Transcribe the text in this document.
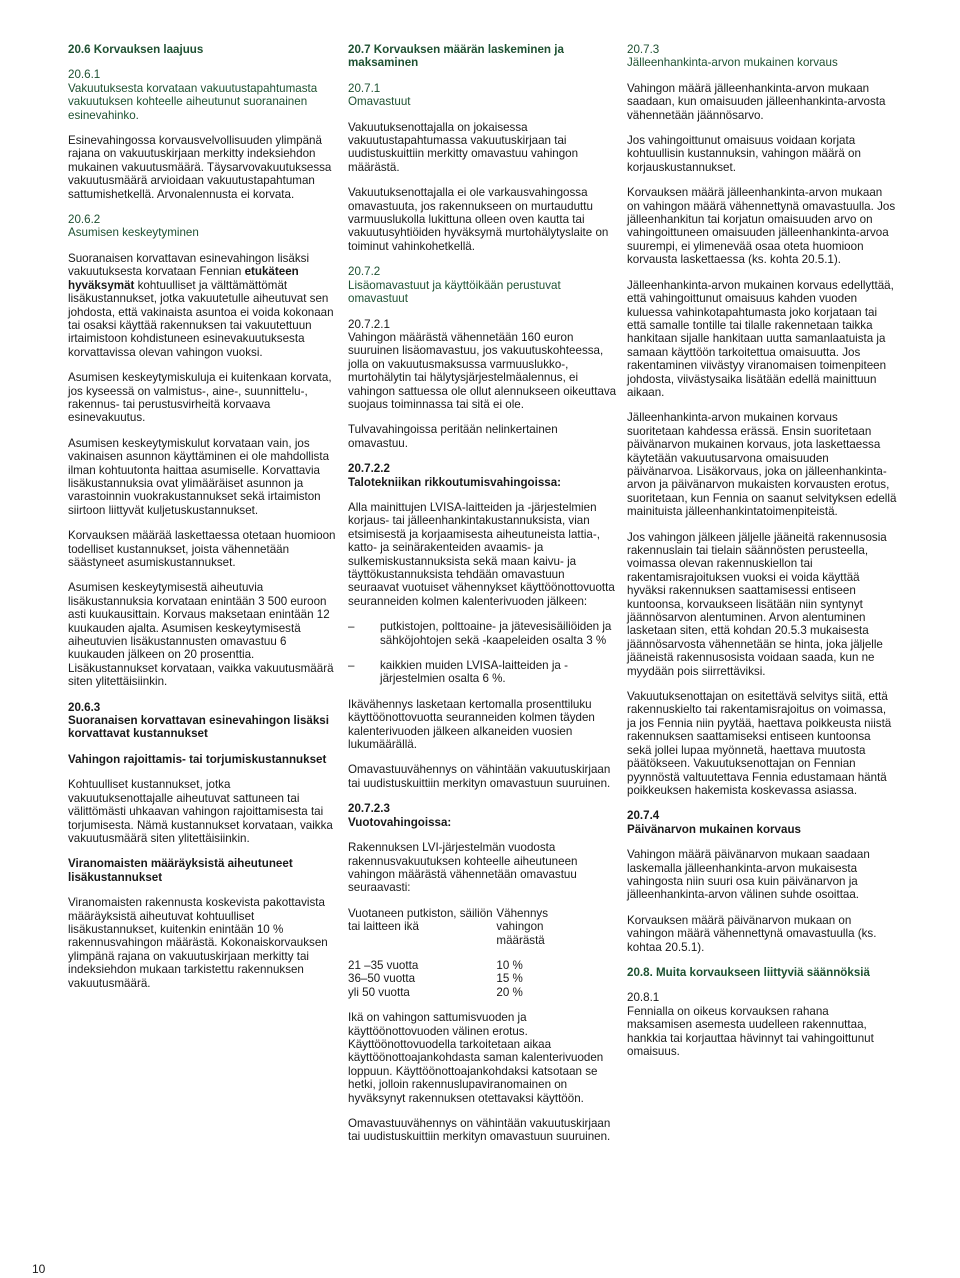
20.6 Korvauksen laajuus

20.6.1
Vakuutuksesta korvataan vakuutustapahtumasta vakuutuksen kohteelle aiheutunut suoranainen esinevahinko.

Esinevahingossa korvausvelvollisuuden ylimpänä rajana on vakuutuskirjaan merkitty indeksiehdon mukainen vakuutusmäärä. Täysarvovakuutuksessa vakuutusmäärä arvioidaan vakuutustapahtuman sattumishetkellä. Arvonalennusta ei korvata.

20.6.2
Asumisen keskeytyminen

Suoranaisen korvattavan esinevahingon lisäksi vakuutuksesta korvataan Fennian etukäteen hyväksymät kohtuulliset ja välttämättömät lisäkustannukset, jotka vakuutetulle aiheutuvat sen johdosta, että vakinaista asuntoa ei voida kokonaan tai osaksi käyttää rakennuksen tai vakuutettuun irtaimistoon kohdistuneen esinevakuutuksesta korvattavissa olevan vahingon vuoksi.

Asumisen keskeytymiskuluja ei kuitenkaan korvata, jos kyseessä on valmistus-, aine-, suunnittelu-, rakennus- tai perustusvirheitä korvaava esinevakuutus.

Asumisen keskeytymiskulut korvataan vain, jos vakinaisen asunnon käyttäminen ei ole mahdollista ilman kohtuutonta haittaa asumiselle. Korvattavia lisäkustannuksia ovat ylimääräiset asunnon ja varastoinnin vuokrakustannukset sekä irtaimiston siirtoon liittyvät kuljetuskustannukset.

Korvauksen määrää laskettaessa otetaan huomioon todelliset kustannukset, joista vähennetään säästyneet asumiskustannukset.

Asumisen keskeytymisestä aiheutuvia lisäkustannuksia korvataan enintään 3 500 euroon asti kuukausittain. Korvaus maksetaan enintään 12 kuukauden ajalta. Asumisen keskeytymisestä aiheutuvien lisäkustannusten omavastuu 6 kuukauden jälkeen on 20 prosenttia. Lisäkustannukset korvataan, vaikka vakuutusmäärä siten ylitettäisiinkin.

20.6.3
Suoranaisen korvattavan esinevahingon lisäksi korvattavat kustannukset

Vahingon rajoittamis- tai torjumiskustannukset

Kohtuulliset kustannukset, jotka vakuutuksenottajalle aiheutuvat sattuneen tai välittömästi uhkaavan vahingon rajoittamisesta tai torjumisesta. Nämä kustannukset korvataan, vaikka vakuutusmäärä siten ylitettäisiinkin.

Viranomaisten määräyksistä aiheutuneet lisäkustannukset

Viranomaisten rakennusta koskevista pakottavista määräyksistä aiheutuvat kohtuulliset lisäkustannukset, kuitenkin enintään 10 % rakennusvahingon määrästä. Kokonaiskorvauksen ylimpänä rajana on vakuutuskirjaan merkitty tai indeksiehdon mukaan tarkistettu rakennuksen vakuutusmäärä.

20.7 Korvauksen määrän laskeminen ja maksaminen

20.7.1
Omavastuut

Vakuutuksenottajalla on jokaisessa vakuutustapahtumassa vakuutuskirjaan tai uudistuskuittiin merkitty omavastuu vahingon määrästä.

Vakuutuksenottajalla ei ole varkausvahingossa omavastuuta, jos rakennukseen on murtauduttu varmuuslukolla lukittuna olleen oven kautta tai vakuutusyhtiöiden hyväksymä murtohälytyslaite on toiminut vahinkohetkellä.

20.7.2
Lisäomavastuut ja käyttöikään perustuvat omavastuut
20.7.2.1

Vahingon määrästä vähennetään 160 euron suuruinen lisäomavastuu, jos vakuutuskohteessa, jolla on vakuutusmaksussa varmuuslukko-, murtohälytin tai hälytysjärjestelmäalennus, ei vahingon sattuessa ole ollut alennukseen oikeuttava suojaus toiminnassa tai sitä ei ole.

Tulvavahingoissa peritään nelinkertainen omavastuu.

20.7.2.2
Talotekniikan rikkoutumisvahingoissa:

Alla mainittujen LVISA-laitteiden ja -järjestelmien korjaus- tai jälleenhankintakustannuksista, vian etsimisestä ja korjaamisesta aiheutuneista lattia-, katto- ja seinärakenteiden avaamis- ja sulkemiskustannuksista sekä maan kaivu- ja täyttökustannuksista tehdään omavastuun seuraavat vuotuiset vähennykset käyttöönottovuotta seuranneiden kolmen kalenterivuoden jälkeen:

–	putkistojen, polttoaine- ja jätevesisäiliöiden ja sähköjohtojen sekä -kaapeleiden osalta 3 %
–	kaikkien muiden LVISA-laitteiden ja -järjestelmien osalta 6 %.

Ikävähennys lasketaan kertomalla prosenttiluku käyttöönottovuotta seuranneiden kolmen täyden kalenterivuoden jälkeen alkaneiden vuosien lukumäärällä.

Omavastuuvähennys on vähintään vakuutuskirjaan tai uudistuskuittiin merkityn omavastuun suuruinen.

20.7.2.3
Vuotovahingoissa:

Rakennuksen LVI-järjestelmän vuodosta rakennusvakuutuksen kohteelle aiheutuneen vahingon määrästä vähennetään omavastuu seuraavasti:

Vuotaneen putkiston, säiliön tai laitteen ikä	Vähennys vahingon määrästä

21 –35 vuotta	10 %
36–50 vuotta	15 %
yli 50 vuotta	20 %

Ikä on vahingon sattumisvuoden ja käyttöönottovuoden välinen erotus. Käyttöönottovuodella tarkoitetaan aikaa käyttöönottoajankohdasta saman kalenterivuoden loppuun. Käyttöönottoajankohdaksi katsotaan se hetki, jolloin rakennuslupaviranomainen on hyväksynyt rakennuksen otettavaksi käyttöön.

Omavastuuvähennys on vähintään vakuutuskirjaan tai uudistuskuittiin merkityn omavastuun suuruinen.

20.7.3
Jälleenhankinta-arvon mukainen korvaus

Vahingon määrä jälleenhankinta-arvon mukaan saadaan, kun omaisuuden jälleenhankinta-arvosta vähennetään jäännösarvo.

Jos vahingoittunut omaisuus voidaan korjata kohtuullisin kustannuksin, vahingon määrä on korjauskustannukset.

Korvauksen määrä jälleenhankinta-arvon mukaan on vahingon määrä vähennettynä omavastuulla. Jos jälleenhankitun tai korjatun omaisuuden arvo on vahingoittuneen omaisuuden jälleenhankinta-arvoa suurempi, ei ylimenevää osaa oteta huomioon korvausta laskettaessa (ks. kohta 20.5.1).

Jälleenhankinta-arvon mukainen korvaus edellyttää, että vahingoittunut omaisuus kahden vuoden kuluessa vahinkotapahtumasta joko korjataan tai että samalle tontille tai tilalle rakennetaan taikka hankitaan sijalle hankitaan uutta samanlaatuista ja samaan käyttöön tarkoitettua omaisuutta. Jos rakentaminen viivästyy viranomaisen toimenpiteen johdosta, viivästysaika lisätään edellä mainittuun aikaan.

Jälleenhankinta-arvon mukainen korvaus suoritetaan kahdessa erässä. Ensin suoritetaan päivänarvon mukainen korvaus, jota laskettaessa käytetään vakuutusarvona omaisuuden päivänarvoa. Lisäkorvaus, joka on jälleenhankinta-arvon ja päivänarvon mukaisten korvausten erotus, suoritetaan, kun Fennia on saanut selvityksen edellä mainituista jälleenhankintatoimenpiteistä.

Jos vahingon jälkeen jäljelle jääneitä rakennusosia rakennuslain tai tielain säännösten perusteella, voimassa olevan rakennuskiellon tai rakentamisrajoituksen vuoksi ei voida käyttää hyväksi rakennuksen saattamisessi entiseen kuntoonsa, korvaukseen lisätään niin syntynyt jäännösarvon alentuminen. Arvon alentuminen lasketaan siten, että kohdan 20.5.3 mukaisesta jäännösarvosta vähennetään se hinta, joka jäljelle jääneistä rakennusosista voidaan saada, kun ne myydään pois siirrettäviksi.

Vakuutuksenottajan on esitettävä selvitys siitä, että rakennuskielto tai rakentamisrajoitus on voimassa, ja jos Fennia niin pyytää, haettava poikkeusta niistä rakennuksen saattamiseksi entiseen kuntoonsa sekä jollei lupaa myönnetä, haettava muutosta päätökseen. Vakuutuksenottajan on Fennian pyynnöstä valtuutettava Fennia edustamaan häntä poikkeuksen hakemista koskevassa asiassa.

20.7.4
Päivänarvon mukainen korvaus

Vahingon määrä päivänarvon mukaan saadaan laskemalla jälleenhankinta-arvon mukaisesta vahingosta niin suuri osa kuin päivänarvon ja jälleenhankinta-arvon välinen suhde osoittaa.

Korvauksen määrä päivänarvon mukaan on vahingon määrä vähennettynä omavastuulla (ks. kohtaa 20.5.1).

20.8. Muita korvaukseen liittyviä säännöksiä

20.8.1

Fennialla on oikeus korvauksen rahana maksamisen asemesta uudelleen rakennuttaa, hankkia tai korjauttaa hävinnyt tai vahingoittunut omaisuus.

10
